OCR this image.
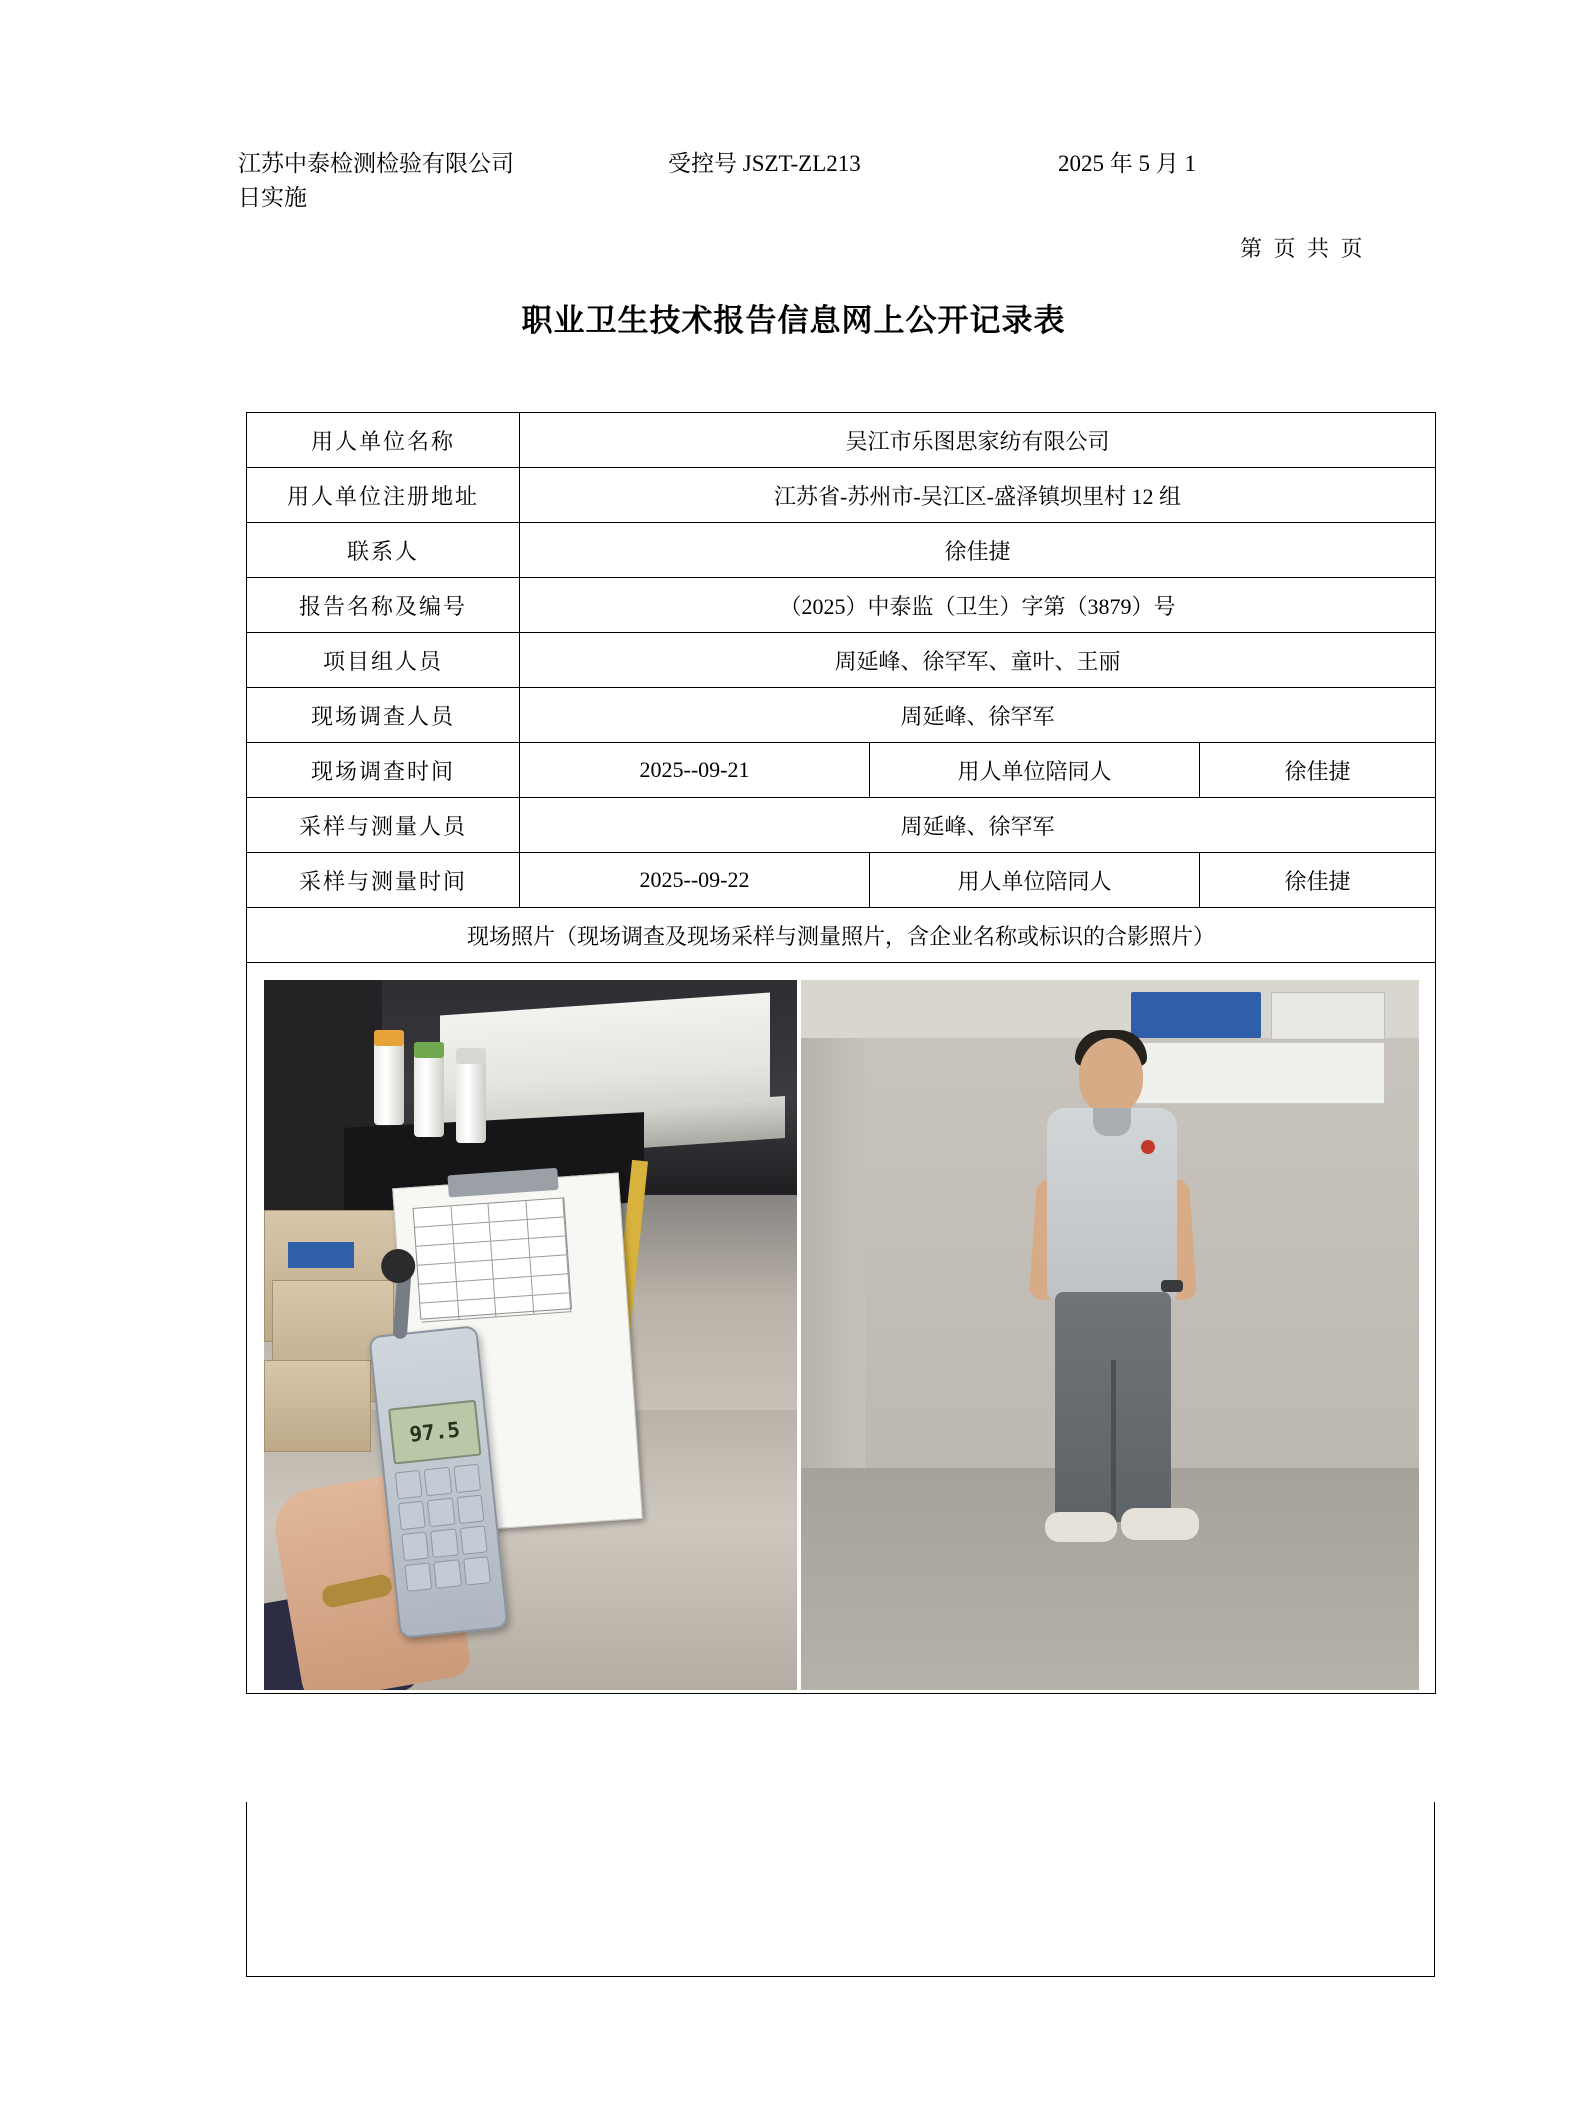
江苏中泰检测检验有限公司	受控号 JSZT-ZL213	2025 年 5 月 1
日实施
第 页 共 页
职业卫生技术报告信息网上公开记录表
用人单位名称	吴江市乐图思家纺有限公司		
用人单位注册地址	江苏省-苏州市-吴江区-盛泽镇坝里村 12 组		
联系人	徐佳捷		
报告名称及编号	（2025）中泰监（卫生）字第（3879）号		
项目组人员	周延峰、徐罕军、童叶、王丽		
现场调查人员	周延峰、徐罕军		
现场调查时间	2025--09-21	用人单位陪同人	徐佳捷
采样与测量人员	周延峰、徐罕军		
采样与测量时间	2025--09-22	用人单位陪同人	徐佳捷
现场照片（现场调查及现场采样与测量照片，含企业名称或标识的合影照片）			

97.5			
